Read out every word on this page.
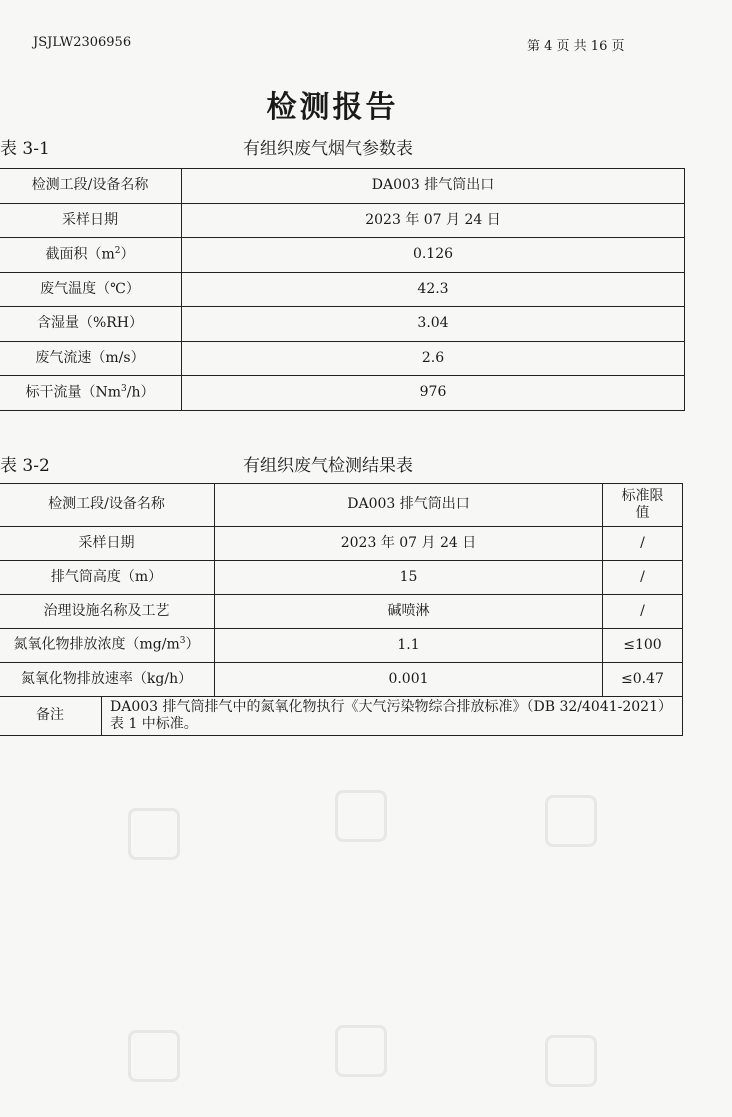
JSJLW2306956	第 4 页 共 16 页
检测报告
表 3-1	有组织废气烟气参数表
检测工段/设备名称	DA003 排气筒出口
采样日期	2023 年 07 月 24 日
截面积$(m^2)$	0.126
废气温度（℃）	42.3
含湿量（%RH）	3.04
废气流速（m/s）	2.6
标干流量（Nm$^3$/h）	976
表 3-2	有组织废气检测结果表
检测工段/设备名称		DA003 排气筒出口	标准限值
采样日期		2023 年 07 月 24 日	/
排气筒高度（m）		15	/
治理设施名称及工艺		碱喷淋	/
氮氧化物排放浓度$(mg/m^3)$		1.1	≤100
氮氧化物排放速率（kg/h）		0.001	≤0.47
备注	DA003 排气筒排气中的氮氧化物执行《大气污染物综合排放标准》（DB 32/4041-2021）表 1 中标准。		
